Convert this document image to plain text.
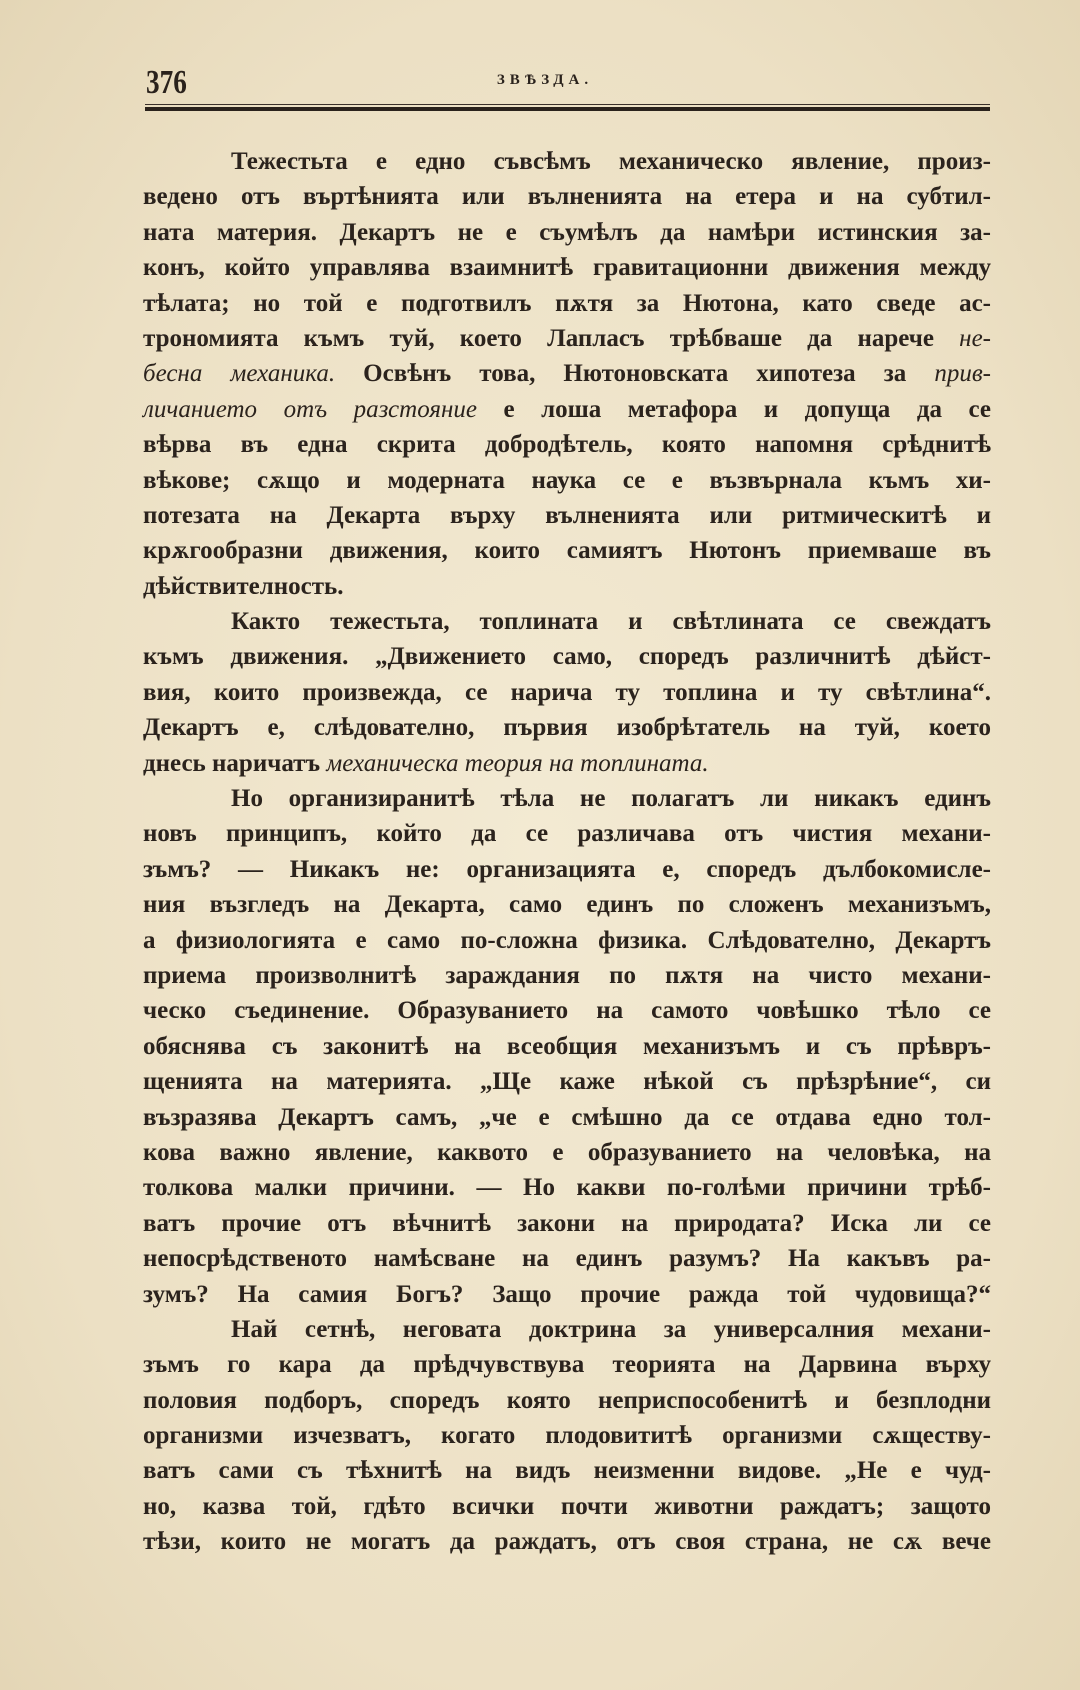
376	ЗВѢЗДА.
Тежестьта е едно съвсѣмъ механическо явление, произ-
ведено отъ въртѣнията или вълненията на етера и на субтил-
ната материя. Декартъ не е съумѣлъ да намѣри истинския за-
конъ, който управлява взаимнитѣ гравитационни движения между
тѣлата; но той е подготвилъ пѫтя за Нютона, като сведе ас-
трономията къмъ туй, което Лапласъ трѣбваше да нарече не-
бесна механика. Освѣнъ това, Нютоновската хипотеза за прив-
личанието отъ разстояние е лоша метафора и допуща да се
вѣрва въ една скрита добродѣтель, която напомня срѣднитѣ
вѣкове; сѫщо и модерната наука се е възвърнала къмъ хи-
потезата на Декарта върху вълненията или ритмическитѣ и
крѫгообразни движения, които самиятъ Нютонъ приемваше въ
дѣйствителность.
Както тежестьта, топлината и свѣтлината се свеждатъ
къмъ движения. „Движението само, споредъ различнитѣ дѣйст-
вия, които произвежда, се нарича ту топлина и ту свѣтлина“.
Декартъ е, слѣдователно, първия изобрѣтатель на туй, което
днесь наричатъ механическа теория на топлината.
Но организиранитѣ тѣла не полагатъ ли никакъ единъ
новъ принципъ, който да се различава отъ чистия механи-
зъмъ? — Никакъ не: организацията е, споредъ дълбокомисле-
ния възгледъ на Декарта, само единъ по сложенъ механизъмъ,
а физиологията е само по-сложна физика. Слѣдователно, Декартъ
приема произволнитѣ зараждания по пѫтя на чисто механи-
ческо съединение. Образуванието на самото човѣшко тѣло се
обяснява съ законитѣ на всеобщия механизъмъ и съ прѣвръ-
щенията на материята. „Ще каже нѣкой съ прѣзрѣние“, си
възразява Декартъ самъ, „че е смѣшно да се отдава едно тол-
кова важно явление, каквото е образуванието на человѣка, на
толкова малки причини. — Но какви по-голѣми причини трѣб-
ватъ прочие отъ вѣчнитѣ закони на природата? Иска ли се
непосрѣдственото намѣсване на единъ разумъ? На какъвъ ра-
зумъ? На самия Богъ? Защо прочие ражда той чудовища?“
Най сетнѣ, неговата доктрина за универсалния механи-
зъмъ го кара да прѣдчувствува теорията на Дарвина върху
половия подборъ, споредъ която неприспособенитѣ и безплодни
организми изчезватъ, когато плодовититѣ организми сѫществу-
ватъ сами съ тѣхнитѣ на видъ неизменни видове. „Не е чуд-
но, казва той, гдѣто всички почти животни раждатъ; защото
тѣзи, които не могатъ да раждатъ, отъ своя страна, не сѫ вече
